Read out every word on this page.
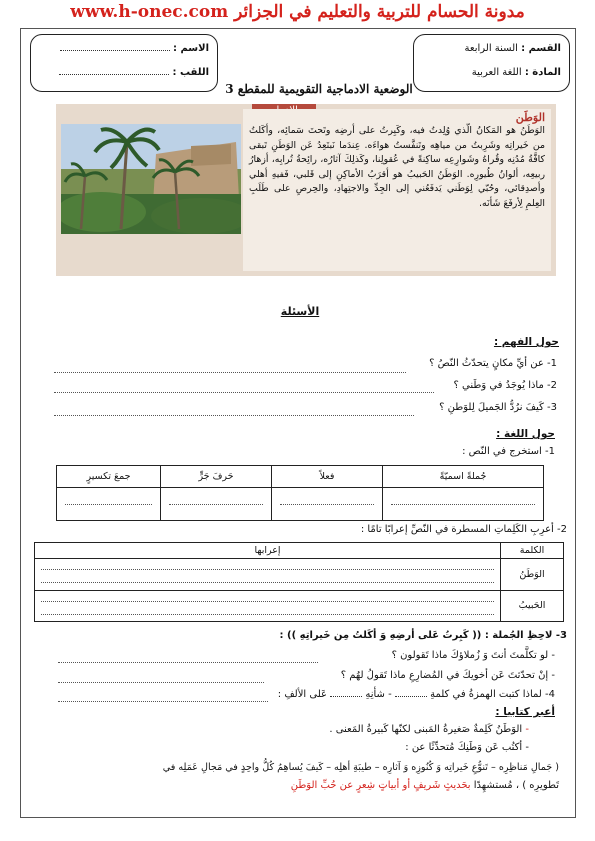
www.h-onec.com مدونة الحسام للتربية والتعليم في الجزائر
القسم : السنة الرابعة
المادة : اللغة العربية
الاسم :
اللقب :
الوضعية الادماجية التقويمية للمقطع 3
الوَطَن
الوَطَنُ هو المَكانُ الّذي وُلِدتُ فيه، وكَبِرتُ على أرضِه وتَحتَ سَمائِه، وأكَلتُ من خَيراتِه وشَرِبتُ من مياهِه وتَنفَّستُ هواءَه. عِندَما نَبتَعِدُ عَن الوَطَنِ تَبقى كافَّةُ مُدُنِه وقُراهُ وشَوارِعِه ساكِنةً في عُقولِنا، وكَذلِكَ آثارُه، رائِحةُ تُرابِه، أزهارُ ربيعِه، ألوانُ طُيورِه. الوَطَنُ الحَبيبُ هو أقرَبُ الأماكِنِ إلى قَلبي، فَفيهِ أهلي وأصدِقائي، وحُبّي لِوَطَني يَدفَعُني إلى الجِدِّ والاجتِهادِ، والحِرصِ على طَلَبِ العِلمِ لِأرفَعَ شَأنَه.
الأسئلة
حول الفهم :
1- عن أيِّ مكانٍ يتحدّثُ النّصُ ؟
2- ماذا يُوجَدُ في وَطَني ؟
3- كَيفَ نرُدُّ الجَميلَ لِلوَطنِ ؟
حول اللغة :
1- استخرج في النّص :
جُملةً اسميّةً	فعلاً	حَرفَ جَرٍّ	جمعَ تكسيرٍ

2- أعرِبِ الكَلِماتِ المسطرة في النّصِّ إعرابًا تامًا :
الكلمة	إعرابها
الوَطَنُ	

الحَبيبُ	
3- لاحِظِ الجُملة : (( كَبِرتُ عَلى أرضِهِ وَ أكَلتُ مِن خَيراتِهِ )) :
- لو تكلَّمتَ أنتَ وَ زُملاؤكَ ماذا تَقولون ؟
- إنْ تحدّثتَ عَن أخويكَ في المُضارِعِ ماذا تَقولُ لهُم ؟
4- لماذا كتبت الهمزةُ في كلمةِ  - شأنِهِ  عَلى الألفِ :
أعبر كتابيا :
- الوَطَنُ كَلِمةٌ صَغيرةُ المَبنى لكنّها كَبيرةُ المَعنى .
- أكتُب عَن وَطَنِكَ مُتحدِّثًا عن :
( جَمالِ مَناظِرِه – تَنوُّعِ خَيراتِه وَ كُنُوزِه وَ آثارِه – طيبَةِ أهلِه – كَيفَ يُساهِمُ كُلُّ واحِدٍ في مَجالِ عَمَلِه في
تَطويرِه ) ، مُستشهِدًا بحَديثٍ شَريفٍ أو أبياتٍ شِعرٍ عن حُبِّ الوَطَنِ
